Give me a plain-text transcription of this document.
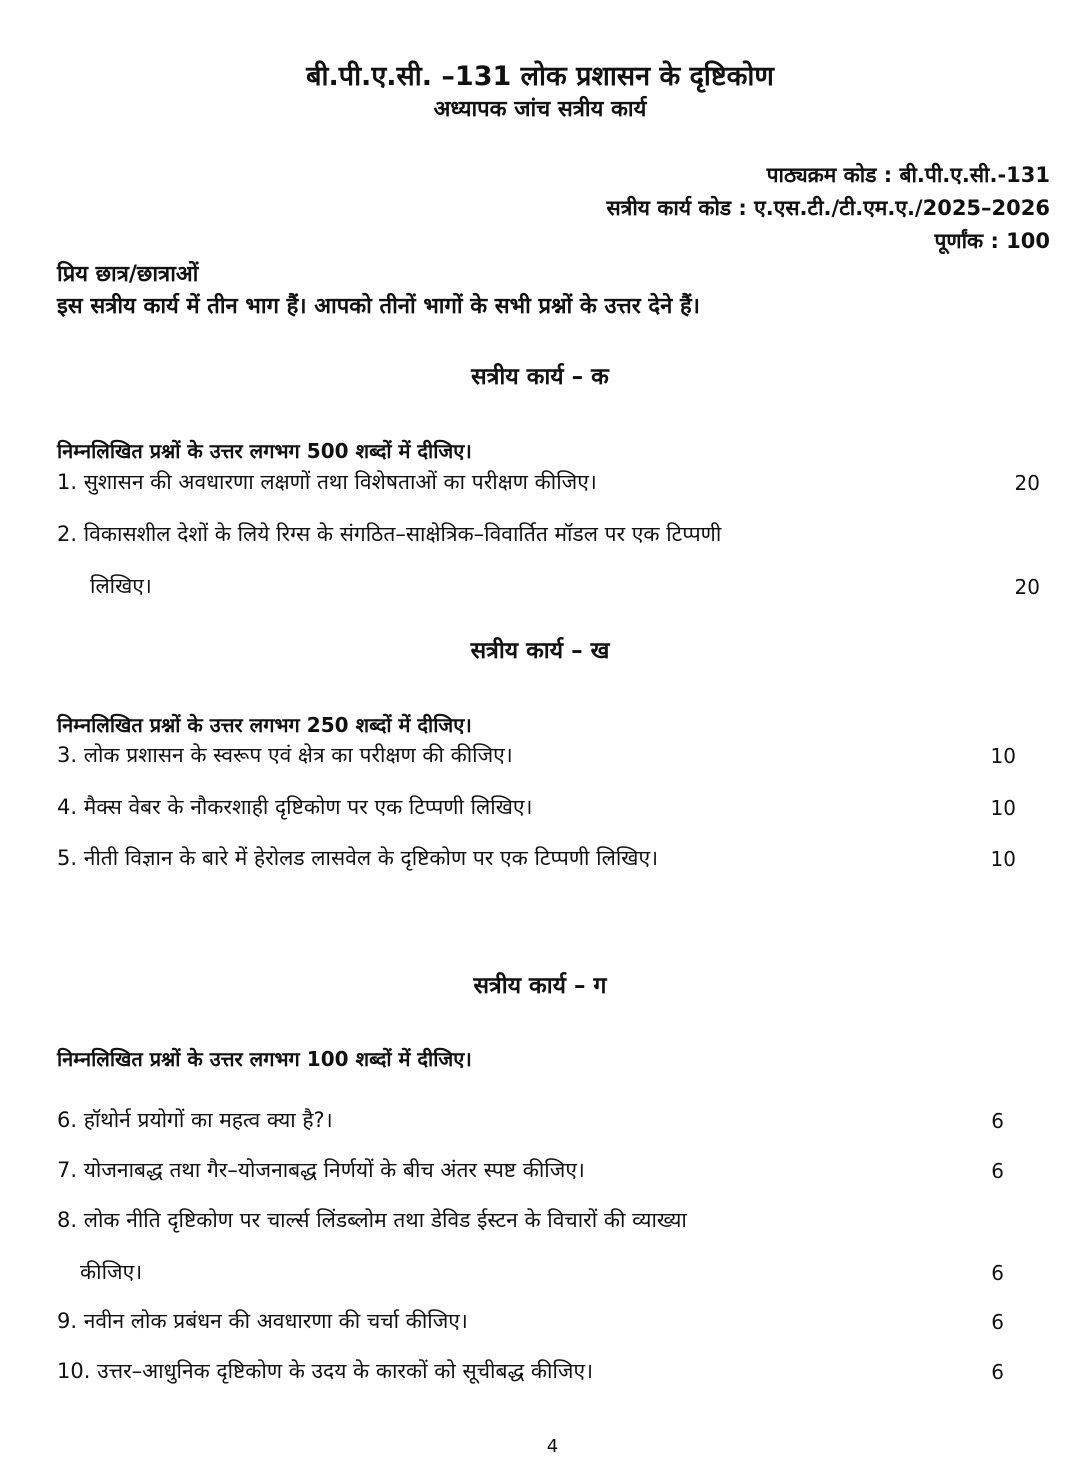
बी.पी.ए.सी. –131 लोक प्रशासन के दृष्टिकोण
अध्यापक जांच सत्रीय कार्य
पाठ्यक्रम कोड : बी.पी.ए.सी.-131
सत्रीय कार्य कोड : ए.एस.टी./टी.एम.ए./2025–2026
पूर्णांक : 100
प्रिय छात्र/छात्राओं
इस सत्रीय कार्य में तीन भाग हैं। आपको तीनों भागों के सभी प्रश्नों के उत्तर देने हैं।
सत्रीय कार्य – क
निम्नलिखित प्रश्नों के उत्तर लगभग 500 शब्दों में दीजिए।
1. सुशासन की अवधारणा लक्षणों तथा विशेषताओं का परीक्षण कीजिए।	20
2. विकासशील देशों के लिये रिग्स के संगठित–साक्षेत्रिक–विवार्तित मॉडल पर एक टिप्पणी
लिखिए।	20
सत्रीय कार्य – ख
निम्नलिखित प्रश्नों के उत्तर लगभग 250 शब्दों में दीजिए।
3. लोक प्रशासन के स्वरूप एवं क्षेत्र का परीक्षण की कीजिए।	10
4. मैक्स वेबर के नौकरशाही दृष्टिकोण पर एक टिप्पणी लिखिए।	10
5. नीती विज्ञान के बारे में हेरोलड लासवेल के दृष्टिकोण पर एक टिप्पणी लिखिए।	10
सत्रीय कार्य – ग
निम्नलिखित प्रश्नों के उत्तर लगभग 100 शब्दों में दीजिए।
6. हॉथोर्न प्रयोगों का महत्व क्या है?।	6
7. योजनाबद्ध तथा गैर–योजनाबद्ध निर्णयों के बीच अंतर स्पष्ट कीजिए।	6
8. लोक नीति दृष्टिकोण पर चार्ल्स लिंडब्लोम तथा डेविड ईस्टन के विचारों की व्याख्या
कीजिए।	6
9. नवीन लोक प्रबंधन की अवधारणा की चर्चा कीजिए।	6
10. उत्तर–आधुनिक दृष्टिकोण के उदय के कारकों को सूचीबद्ध कीजिए।	6
4
